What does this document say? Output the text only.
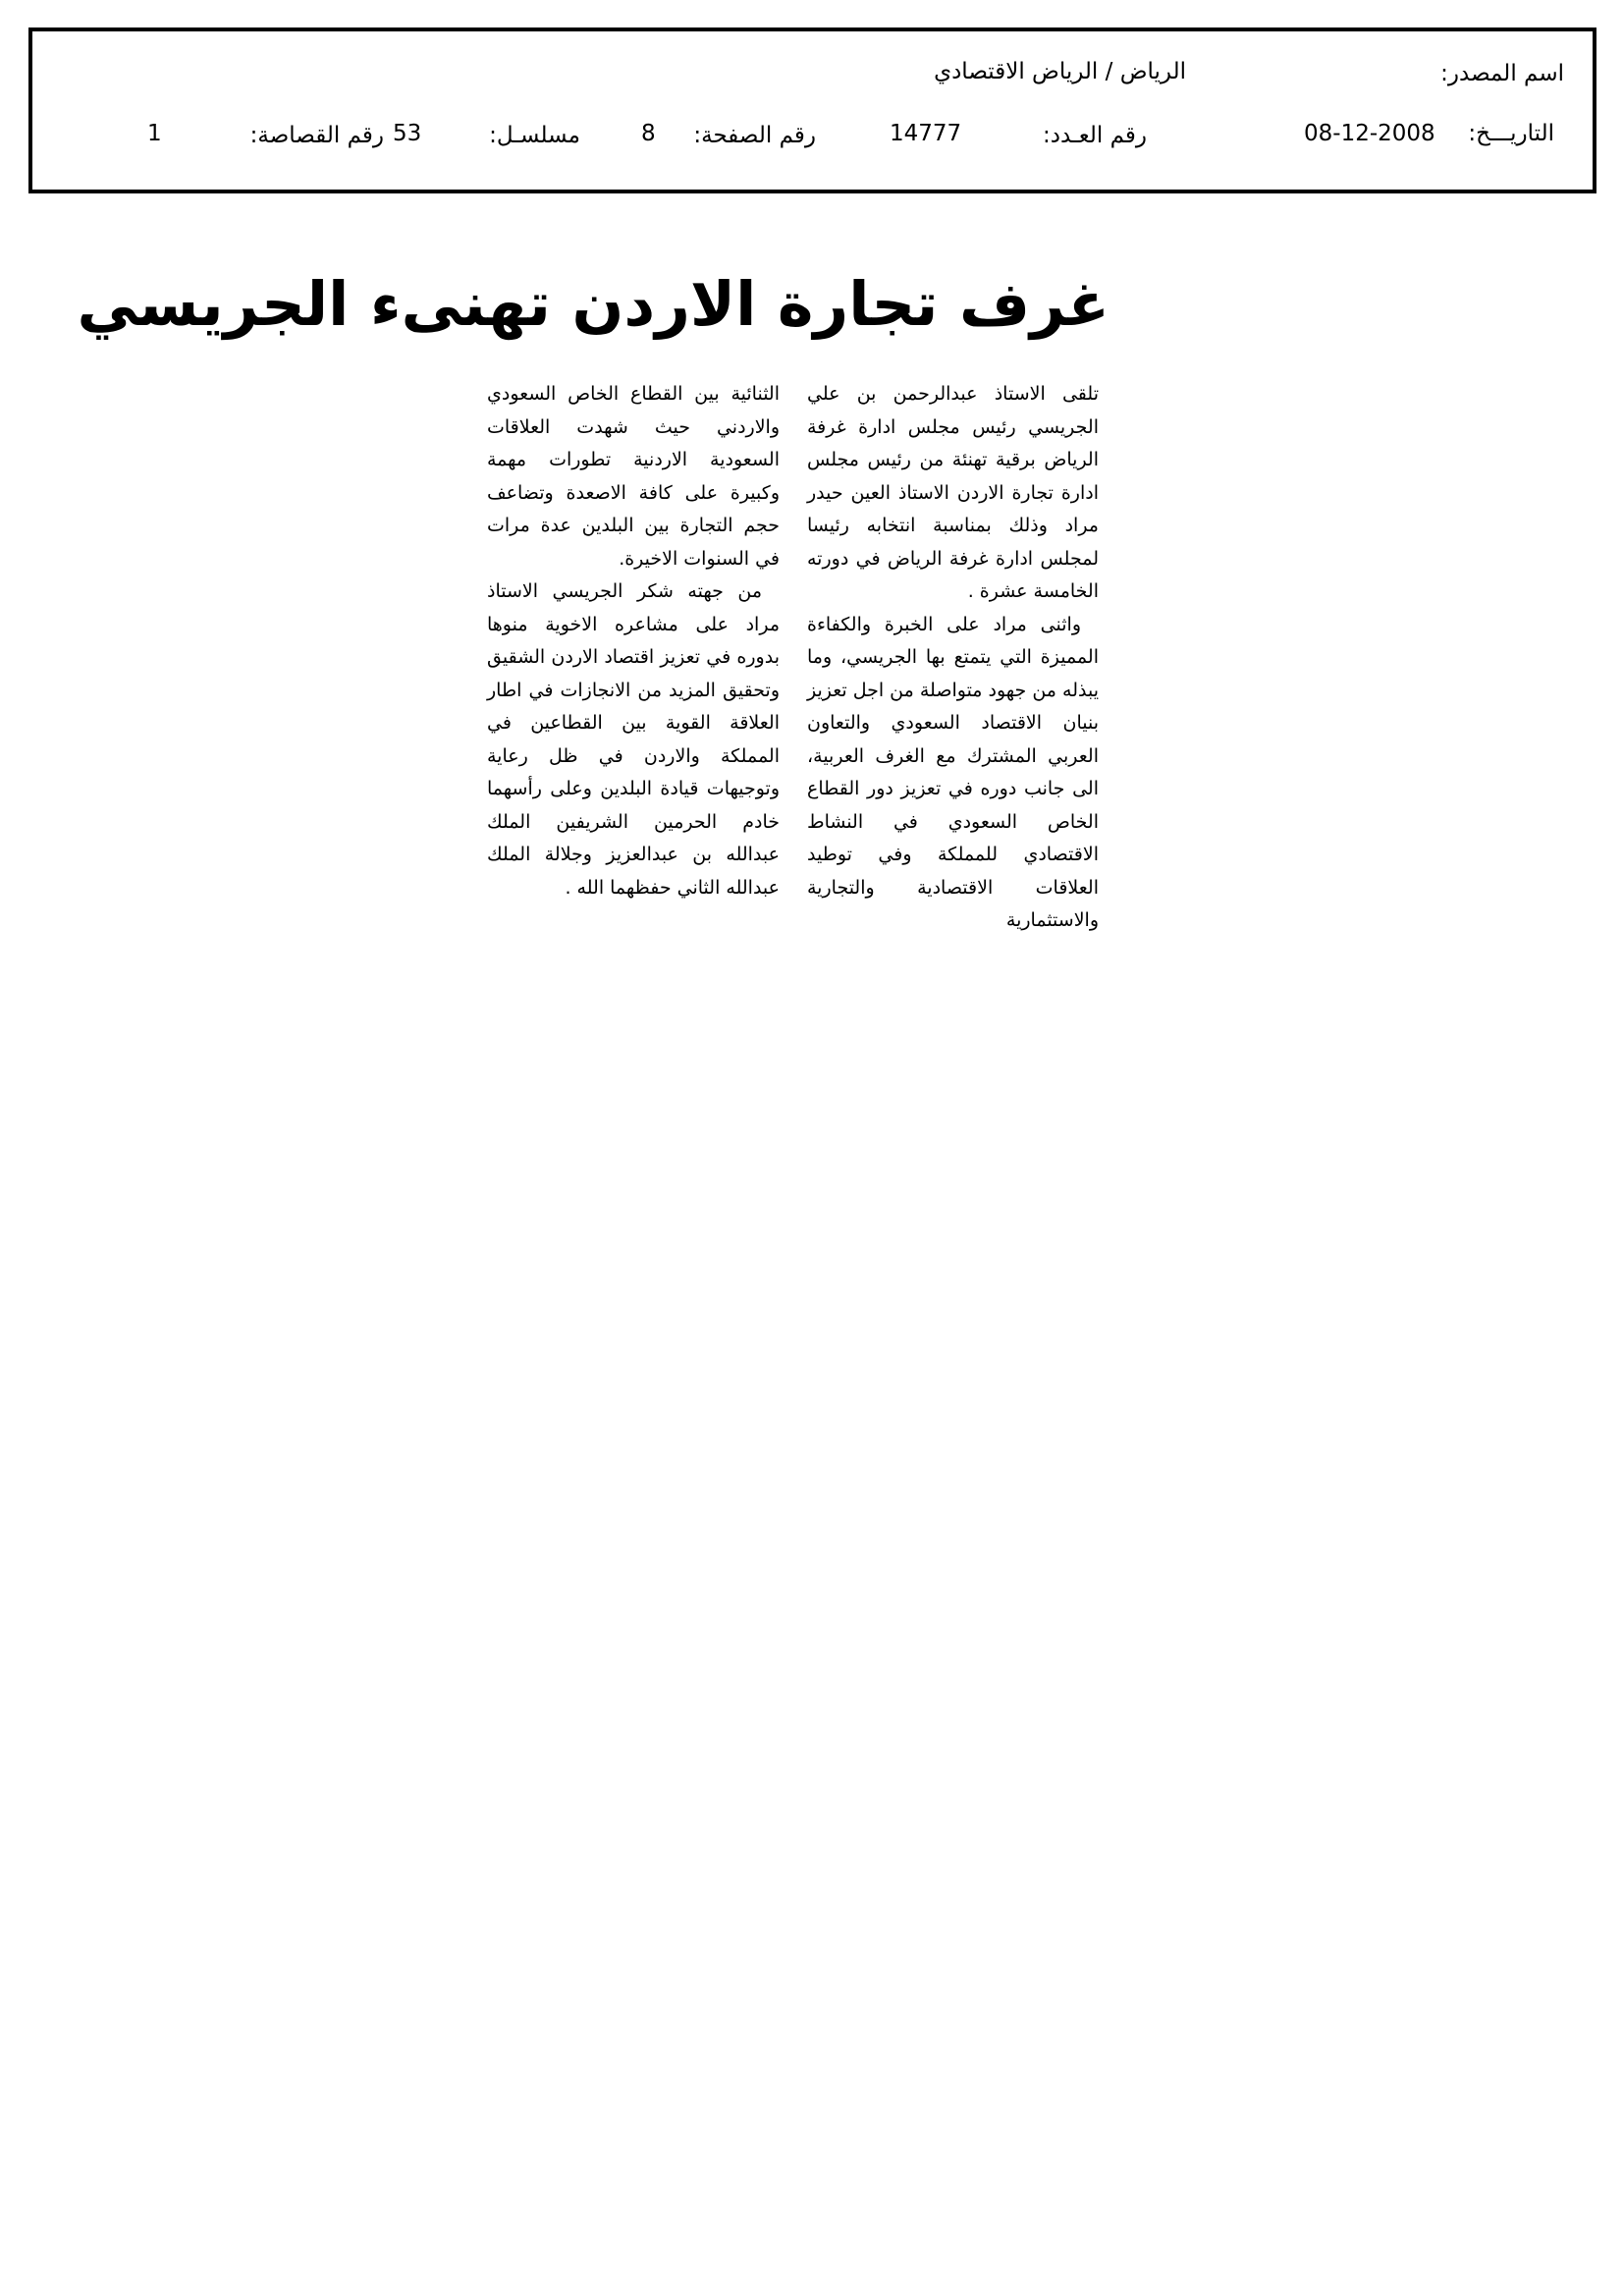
اسم المصدر:
الرياض / الرياض الاقتصادي
التاريـــخ:
08-12-2008
رقم العـدد:
14777
رقم الصفحة:
8
مسلسـل:
53
رقم القصاصة:
1
غرف تجارة الاردن تهنىء الجريسي

تلقى الاستاذ عبدالرحمن بن علي الجريسي رئيس مجلس ادارة غرفة الرياض برقية تهنئة من رئيس مجلس ادارة تجارة الاردن الاستاذ العين حيدر مراد وذلك بمناسبة انتخابه رئيسا لمجلس ادارة غرفة الرياض في دورته الخامسة عشرة .

واثنى مراد على الخبرة والكفاءة المميزة التي يتمتع بها الجريسي، وما يبذله من جهود متواصلة من اجل تعزيز بنيان الاقتصاد السعودي والتعاون العربي المشترك مع الغرف العربية، الى جانب دوره في تعزيز دور القطاع الخاص السعودي في النشاط الاقتصادي للمملكة وفي توطيد العلاقات الاقتصادية والتجارية والاستثمارية

الثنائية بين القطاع الخاص السعودي والاردني حيث شهدت العلاقات السعودية الاردنية تطورات مهمة وكبيرة على كافة الاصعدة وتضاعف حجم التجارة بين البلدين عدة مرات في السنوات الاخيرة.

من جهته شكر الجريسي الاستاذ مراد على مشاعره الاخوية منوها بدوره في تعزيز اقتصاد الاردن الشقيق وتحقيق المزيد من الانجازات في اطار العلاقة القوية بين القطاعين في المملكة والاردن في ظل رعاية وتوجيهات قيادة البلدين وعلى رأسهما خادم الحرمين الشريفين الملك عبدالله بن عبدالعزيز وجلالة الملك عبدالله الثاني حفظهما الله .
